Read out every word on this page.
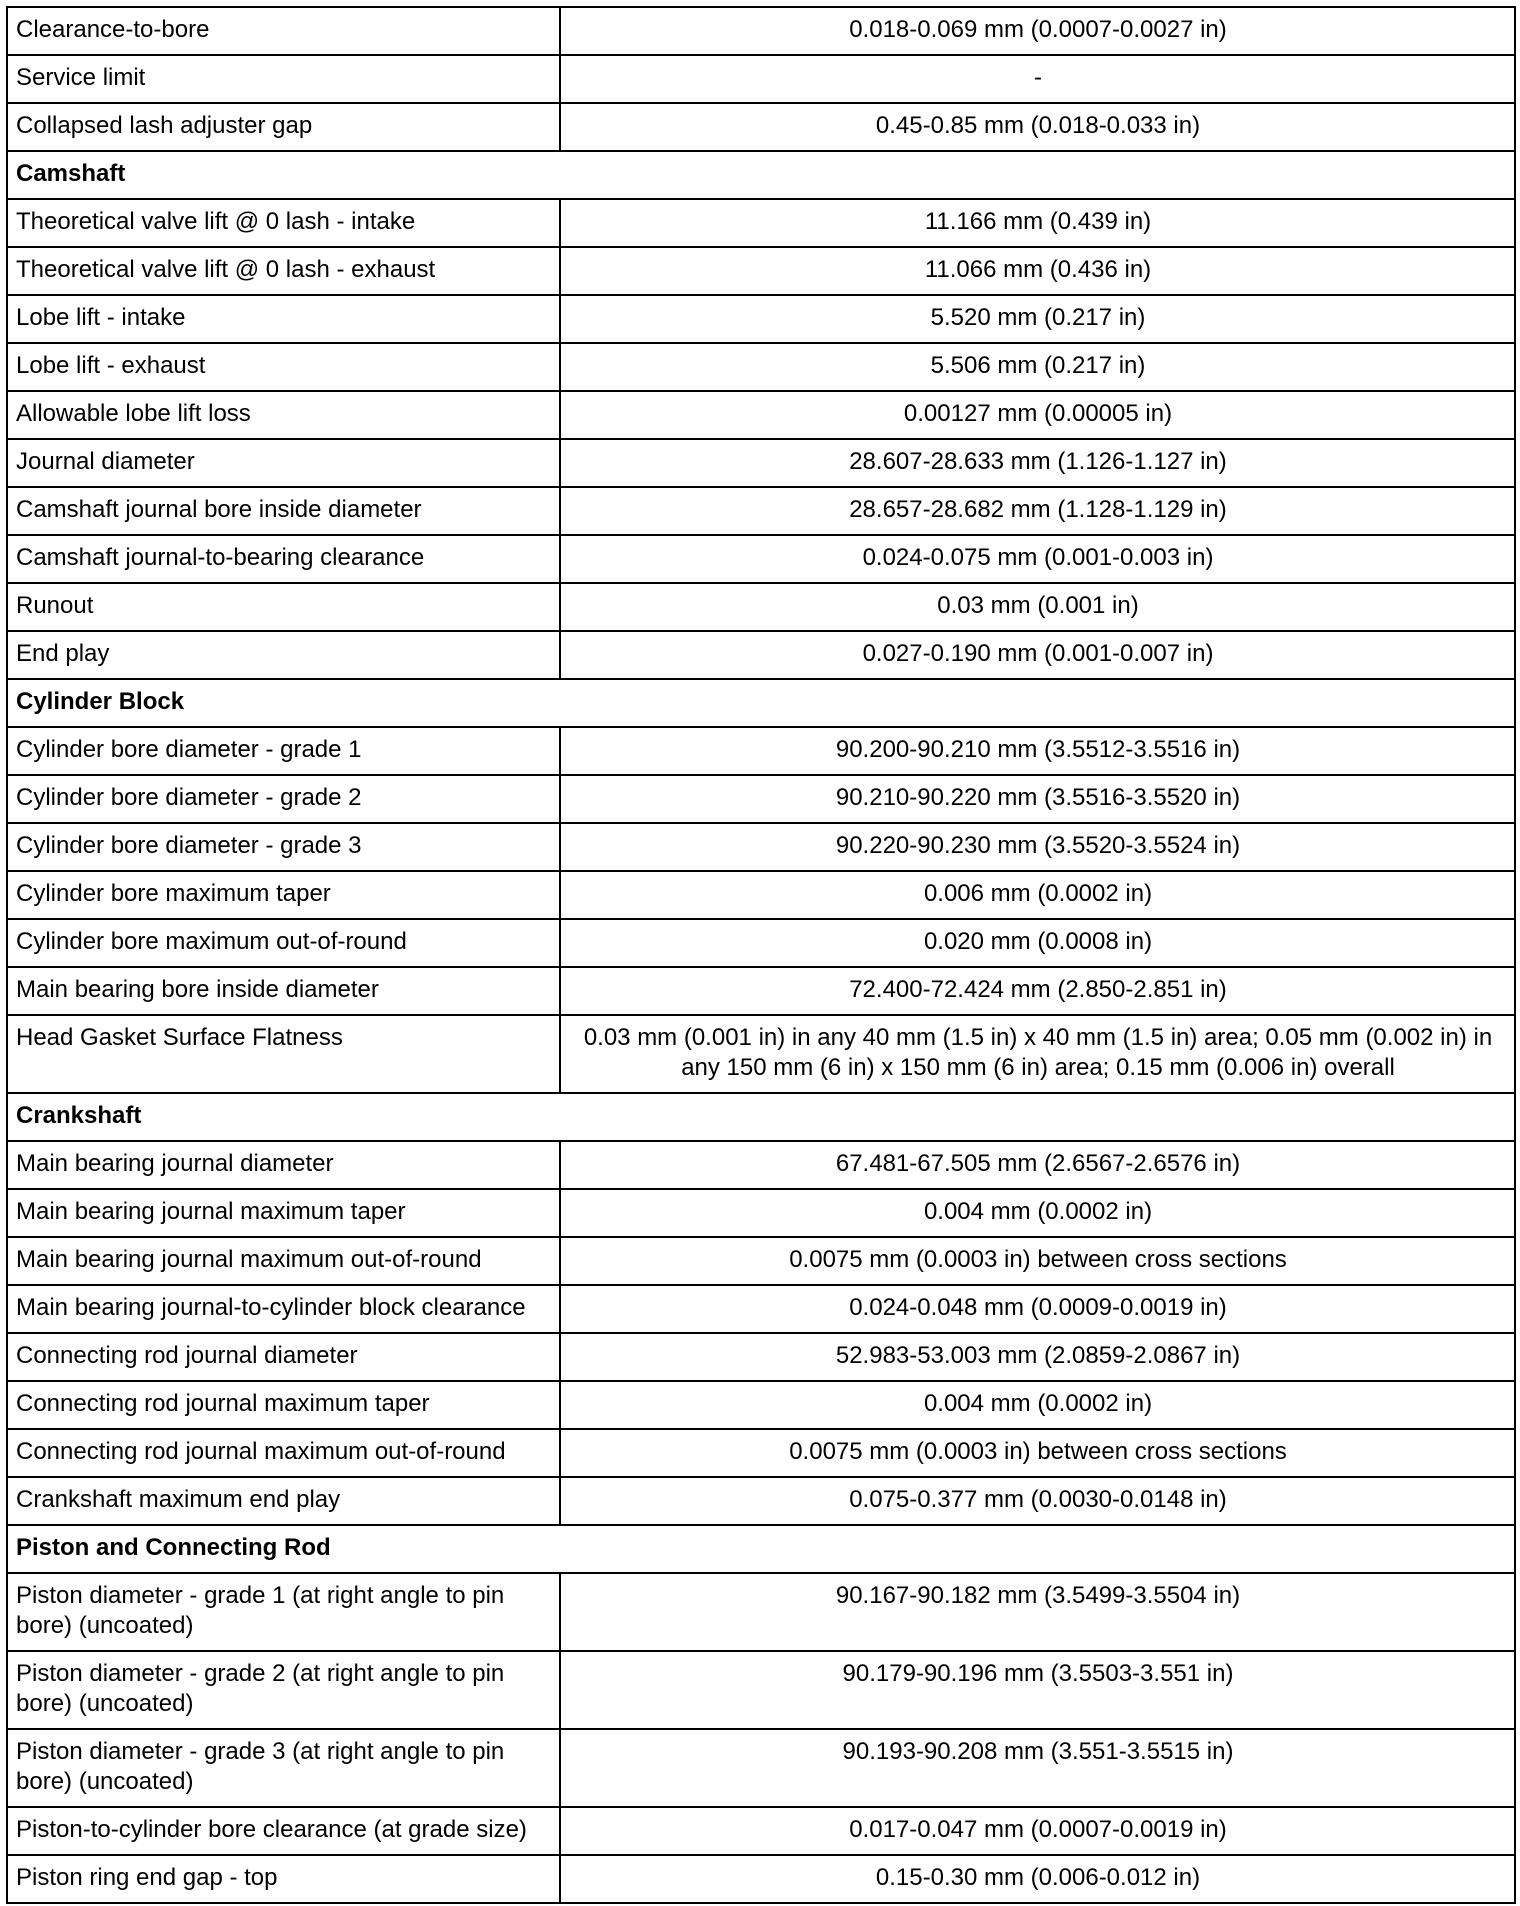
Clearance-to-bore	0.018-0.069 mm (0.0007-0.0027 in)
Service limit	-
Collapsed lash adjuster gap	0.45-0.85 mm (0.018-0.033 in)
Camshaft	
Theoretical valve lift @ 0 lash - intake	11.166 mm (0.439 in)
Theoretical valve lift @ 0 lash - exhaust	11.066 mm (0.436 in)
Lobe lift - intake	5.520 mm (0.217 in)
Lobe lift - exhaust	5.506 mm (0.217 in)
Allowable lobe lift loss	0.00127 mm (0.00005 in)
Journal diameter	28.607-28.633 mm (1.126-1.127 in)
Camshaft journal bore inside diameter	28.657-28.682 mm (1.128-1.129 in)
Camshaft journal-to-bearing clearance	0.024-0.075 mm (0.001-0.003 in)
Runout	0.03 mm (0.001 in)
End play	0.027-0.190 mm (0.001-0.007 in)
Cylinder Block	
Cylinder bore diameter - grade 1	90.200-90.210 mm (3.5512-3.5516 in)
Cylinder bore diameter - grade 2	90.210-90.220 mm (3.5516-3.5520 in)
Cylinder bore diameter - grade 3	90.220-90.230 mm (3.5520-3.5524 in)
Cylinder bore maximum taper	0.006 mm (0.0002 in)
Cylinder bore maximum out-of-round	0.020 mm (0.0008 in)
Main bearing bore inside diameter	72.400-72.424 mm (2.850-2.851 in)
Head Gasket Surface Flatness	0.03 mm (0.001 in) in any 40 mm (1.5 in) x 40 mm (1.5 in) area; 0.05 mm (0.002 in) in any 150 mm (6 in) x 150 mm (6 in) area; 0.15 mm (0.006 in) overall
Crankshaft	
Main bearing journal diameter	67.481-67.505 mm (2.6567-2.6576 in)
Main bearing journal maximum taper	0.004 mm (0.0002 in)
Main bearing journal maximum out-of-round	0.0075 mm (0.0003 in) between cross sections
Main bearing journal-to-cylinder block clearance	0.024-0.048 mm (0.0009-0.0019 in)
Connecting rod journal diameter	52.983-53.003 mm (2.0859-2.0867 in)
Connecting rod journal maximum taper	0.004 mm (0.0002 in)
Connecting rod journal maximum out-of-round	0.0075 mm (0.0003 in) between cross sections
Crankshaft maximum end play	0.075-0.377 mm (0.0030-0.0148 in)
Piston and Connecting Rod	
Piston diameter - grade 1 (at right angle to pin bore) (uncoated)	90.167-90.182 mm (3.5499-3.5504 in)
Piston diameter - grade 2 (at right angle to pin bore) (uncoated)	90.179-90.196 mm (3.5503-3.551 in)
Piston diameter - grade 3 (at right angle to pin bore) (uncoated)	90.193-90.208 mm (3.551-3.5515 in)
Piston-to-cylinder bore clearance (at grade size)	0.017-0.047 mm (0.0007-0.0019 in)
Piston ring end gap - top	0.15-0.30 mm (0.006-0.012 in)
